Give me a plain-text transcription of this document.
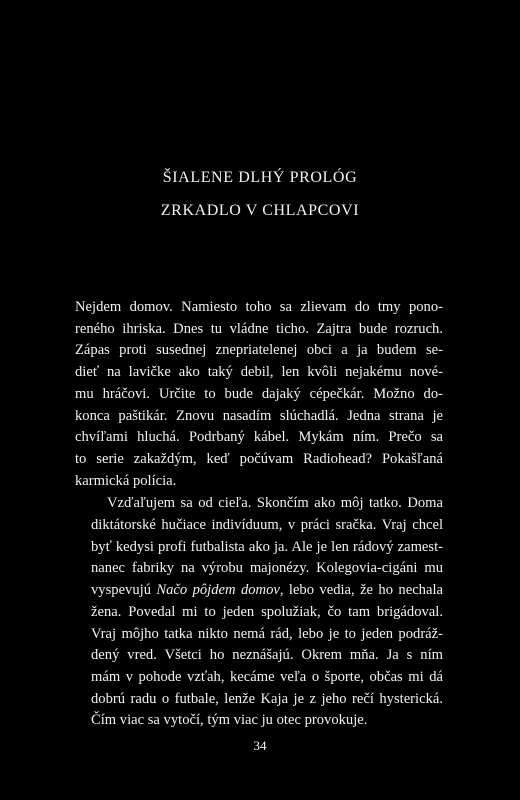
ŠIALENE DLHÝ PROLÓG
ZRKADLO V CHLAPCOVI

Nejdem domov. Namiesto toho sa zlievam do tmy pono-
reného ihriska. Dnes tu vládne ticho. Zajtra bude rozruch.
Zápas proti susednej znepriatelenej obci a ja budem se-
dieť na lavičke ako taký debil, len kvôli nejakému nové-
mu hráčovi. Určite to bude dajaký cépečkár. Možno do-
konca paštikár. Znovu nasadím slúchadlá. Jedna strana je
chvíľami hluchá. Podrbaný kábel. Mykám ním. Prečo sa
to serie zakaždým, keď počúvam Radiohead? Pokašľaná
karmická polícia.

Vzďaľujem sa od cieľa. Skončím ako môj tatko. Doma
diktátorské hučiace indivíduum, v práci sračka. Vraj chcel
byť kedysi profi futbalista ako ja. Ale je len rádový zamest-
nanec fabriky na výrobu majonézy. Kolegovia-cigáni mu
vyspevujú Načo pôjdem domov, lebo vedia, že ho nechala
žena. Povedal mi to jeden spolužiak, čo tam brigádoval.
Vraj môjho tatka nikto nemá rád, lebo je to jeden podráž-
dený vred. Všetci ho neznášajú. Okrem mňa. Ja s ním
mám v pohode vzťah, kecáme veľa o športe, občas mi dá
dobrú radu o futbale, lenže Kaja je z jeho rečí hysterická.
Čím viac sa vytočí, tým viac ju otec provokuje.

34
